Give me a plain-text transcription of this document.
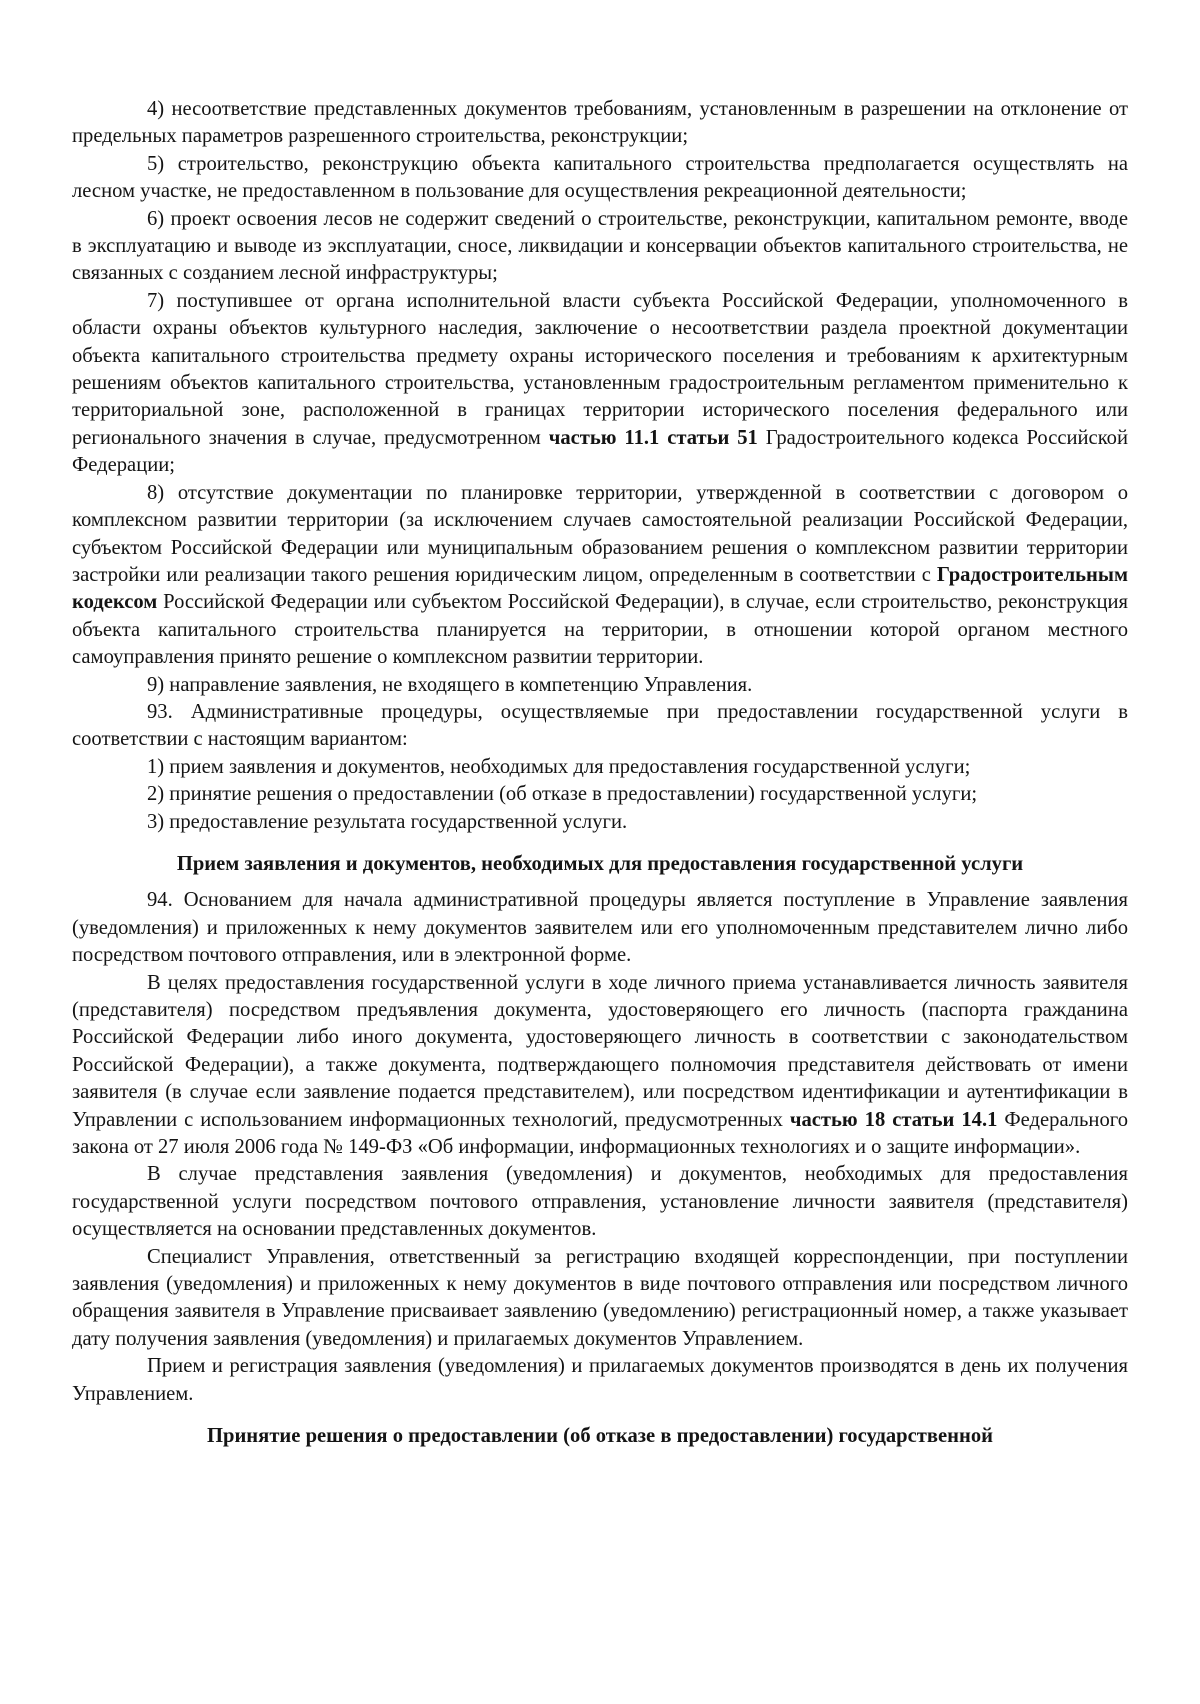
4) несоответствие представленных документов требованиям, установленным в разрешении на отклонение от предельных параметров разрешенного строительства, реконструкции;

5) строительство, реконструкцию объекта капитального строительства предполагается осуществлять на лесном участке, не предоставленном в пользование для осуществления рекреационной деятельности;

6) проект освоения лесов не содержит сведений о строительстве, реконструкции, капитальном ремонте, вводе в эксплуатацию и выводе из эксплуатации, сносе, ликвидации и консервации объектов капитального строительства, не связанных с созданием лесной инфраструктуры;

7) поступившее от органа исполнительной власти субъекта Российской Федерации, уполномоченного в области охраны объектов культурного наследия, заключение о несоответствии раздела проектной документации объекта капитального строительства предмету охраны исторического поселения и требованиям к архитектурным решениям объектов капитального строительства, установленным градостроительным регламентом применительно к территориальной зоне, расположенной в границах территории исторического поселения федерального или регионального значения в случае, предусмотренном частью 11.1 статьи 51 Градостроительного кодекса Российской Федерации;

8) отсутствие документации по планировке территории, утвержденной в соответствии с договором о комплексном развитии территории (за исключением случаев самостоятельной реализации Российской Федерации, субъектом Российской Федерации или муниципальным образованием решения о комплексном развитии территории застройки или реализации такого решения юридическим лицом, определенным в соответствии с Градостроительным кодексом Российской Федерации или субъектом Российской Федерации), в случае, если строительство, реконструкция объекта капитального строительства планируется на территории, в отношении которой органом местного самоуправления принято решение о комплексном развитии территории.

9) направление заявления, не входящего в компетенцию Управления.

93. Административные процедуры, осуществляемые при предоставлении государственной услуги в соответствии с настоящим вариантом:

1) прием заявления и документов, необходимых для предоставления государственной услуги;

2) принятие решения о предоставлении (об отказе в предоставлении) государственной услуги;

3) предоставление результата государственной услуги.

Прием заявления и документов, необходимых для предоставления государственной услуги

94. Основанием для начала административной процедуры является поступление в Управление заявления (уведомления) и приложенных к нему документов заявителем или его уполномоченным представителем лично либо посредством почтового отправления, или в электронной форме.

В целях предоставления государственной услуги в ходе личного приема устанавливается личность заявителя (представителя) посредством предъявления документа, удостоверяющего его личность (паспорта гражданина Российской Федерации либо иного документа, удостоверяющего личность в соответствии с законодательством Российской Федерации), а также документа, подтверждающего полномочия представителя действовать от имени заявителя (в случае если заявление подается представителем), или посредством идентификации и аутентификации в Управлении с использованием информационных технологий, предусмотренных частью 18 статьи 14.1 Федерального закона от 27 июля 2006 года № 149-ФЗ «Об информации, информационных технологиях и о защите информации».

В случае представления заявления (уведомления) и документов, необходимых для предоставления государственной услуги посредством почтового отправления, установление личности заявителя (представителя) осуществляется на основании представленных документов.

Специалист Управления, ответственный за регистрацию входящей корреспонденции, при поступлении заявления (уведомления) и приложенных к нему документов в виде почтового отправления или посредством личного обращения заявителя в Управление присваивает заявлению (уведомлению) регистрационный номер, а также указывает дату получения заявления (уведомления) и прилагаемых документов Управлением.

Прием и регистрация заявления (уведомления) и прилагаемых документов производятся в день их получения Управлением.

Принятие решения о предоставлении (об отказе в предоставлении) государственной
